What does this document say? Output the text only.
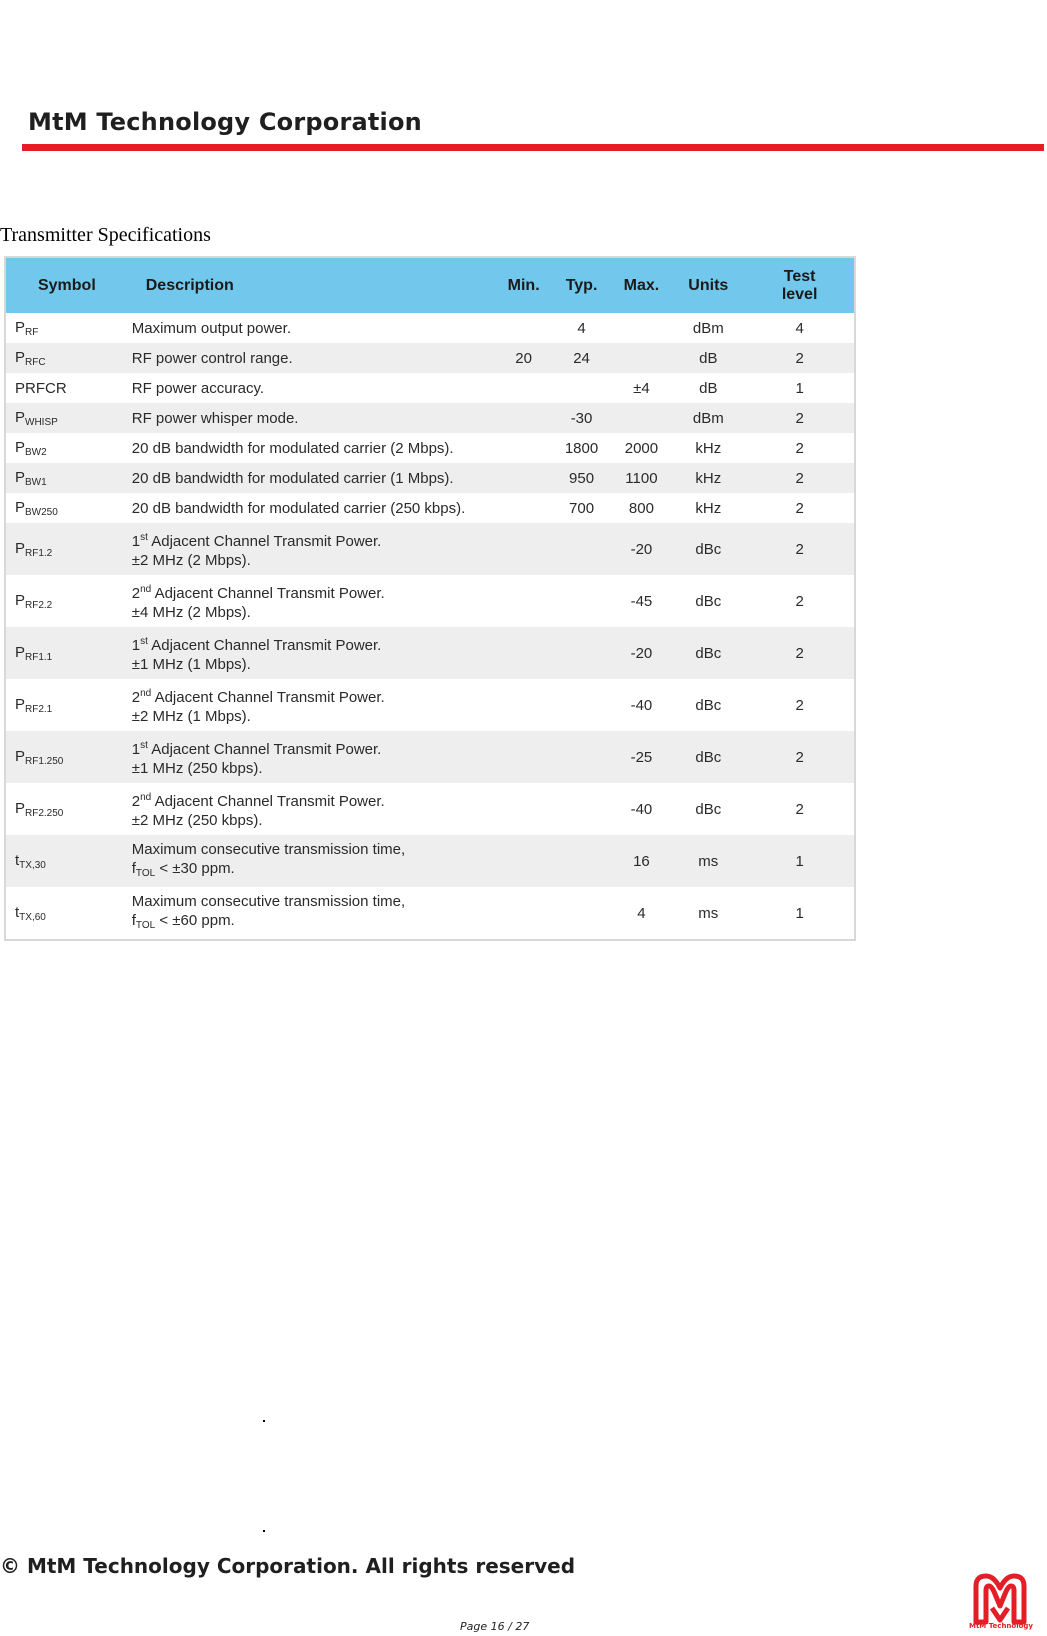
MtM Technology Corporation
Transmitter Specifications
Symbol	Description	Min.	Typ.	Max.	Units	Test
level
$P_{RF}$	Maximum output power.		4		dBm	4
$P_{RFC}$	RF power control range.	20	24		dB	2
PRFCR	RF power accuracy.			±4	dB	1
$P_{WHISP}$	RF power whisper mode.		-30		dBm	2
$P_{BW2}$	20 dB bandwidth for modulated carrier (2 Mbps).		1800	2000	kHz	2
$P_{BW1}$	20 dB bandwidth for modulated carrier (1 Mbps).		950	1100	kHz	2
$P_{BW250}$	20 dB bandwidth for modulated carrier (250 kbps).		700	800	kHz	2
$P_{RF1.2}$	1st Adjacent Channel Transmit Power.
±2 MHz (2 Mbps).			-20	dBc	2
$P_{RF2.2}$	2nd Adjacent Channel Transmit Power.
±4 MHz (2 Mbps).			-45	dBc	2
$P_{RF1.1}$	1st Adjacent Channel Transmit Power.
±1 MHz (1 Mbps).			-20	dBc	2
$P_{RF2.1}$	2nd Adjacent Channel Transmit Power.
±2 MHz (1 Mbps).			-40	dBc	2
$P_{RF1.250}$	1st Adjacent Channel Transmit Power.
±1 MHz (250 kbps).			-25	dBc	2
$P_{RF2.250}$	2nd Adjacent Channel Transmit Power.
±2 MHz (250 kbps).			-40	dBc	2
$t_{TX,30}$	Maximum consecutive transmission time,
$f_{TOL} < \pm 30$ ppm.			16	ms	1
$t_{TX,60}$	Maximum consecutive transmission time,
$f_{TOL} < \pm 60$ ppm.			4	ms	1
© MtM Technology Corporation. All rights reserved
Page 16 / 27	MtM Technology
